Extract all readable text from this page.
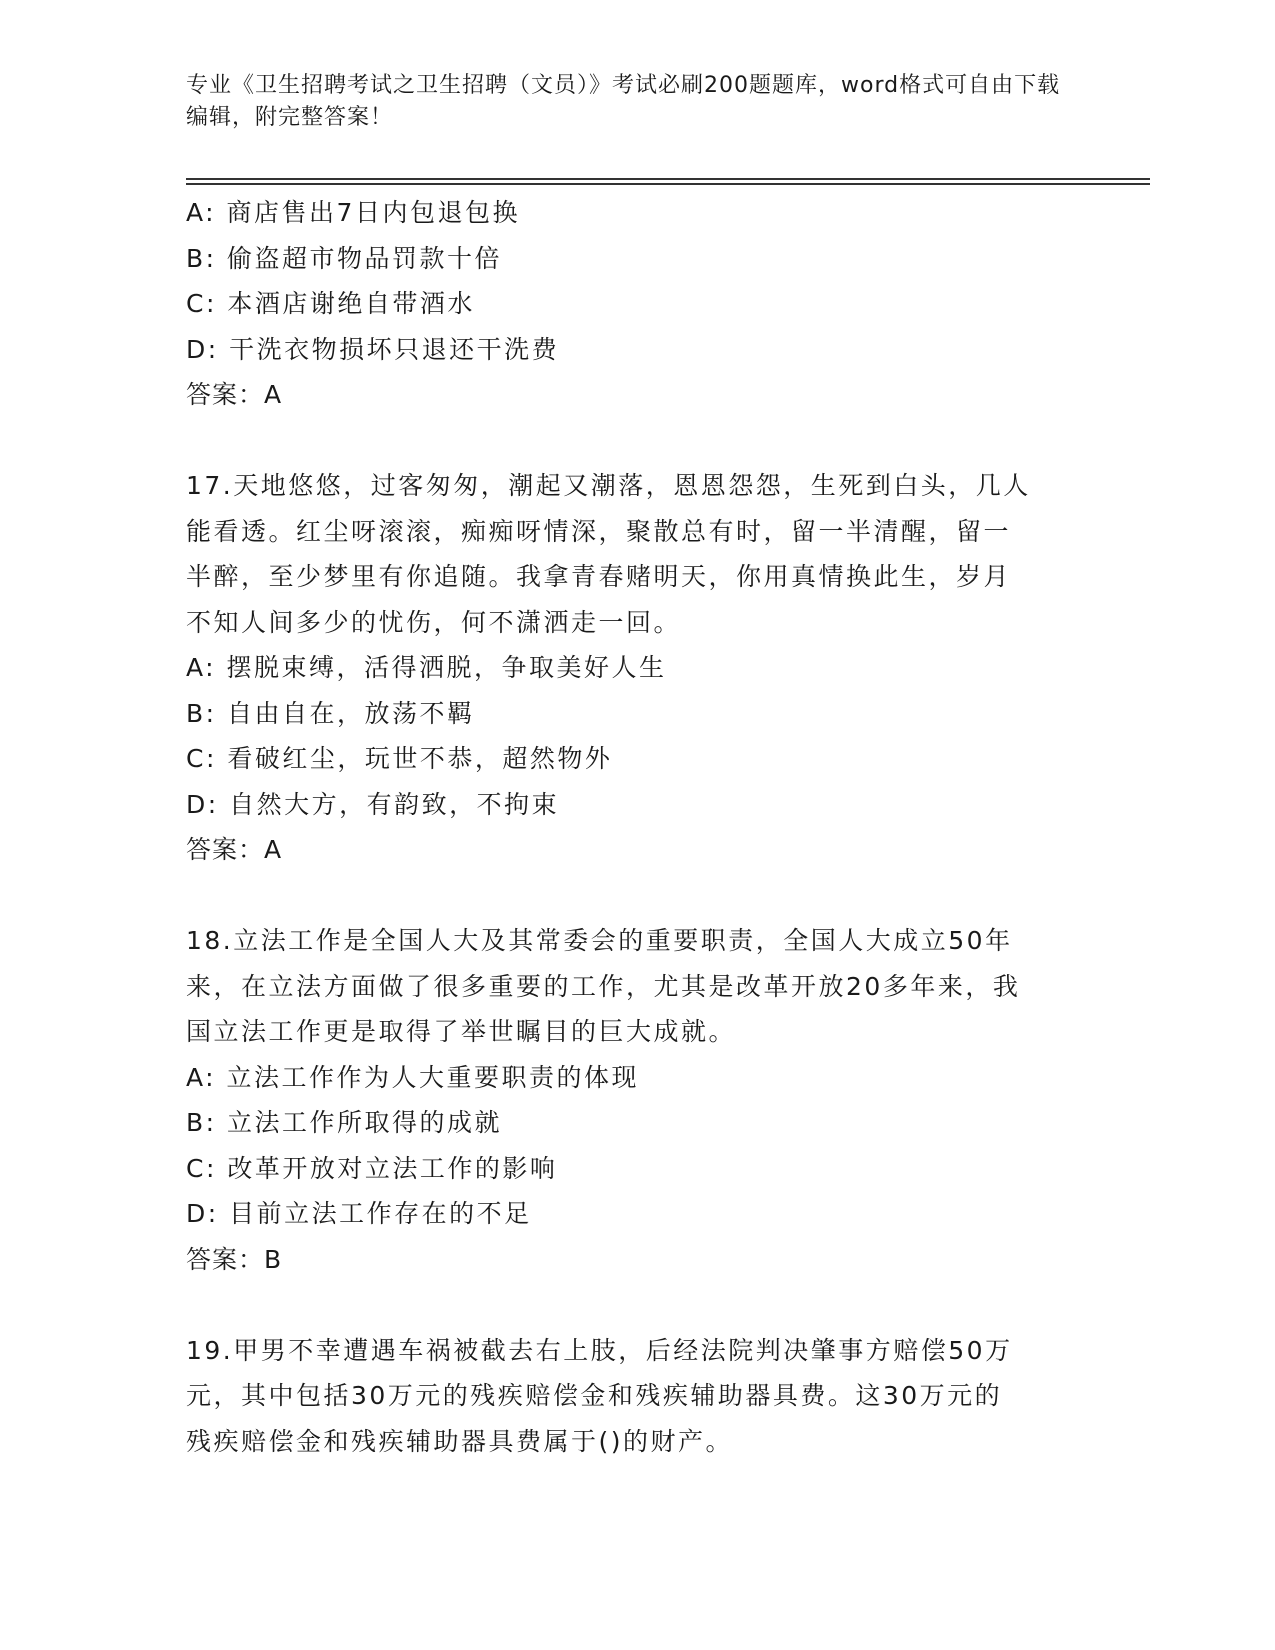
专业《卫生招聘考试之卫生招聘（文员）》考试必刷200题题库，word格式可自由下载编辑，附完整答案！
A: 商店售出7日内包退包换
B: 偷盗超市物品罚款十倍
C: 本酒店谢绝自带酒水
D: 干洗衣物损坏只退还干洗费
答案：A
17.天地悠悠，过客匆匆，潮起又潮落，恩恩怨怨，生死到白头，几人
能看透。红尘呀滚滚，痴痴呀情深，聚散总有时，留一半清醒，留一
半醉，至少梦里有你追随。我拿青春赌明天，你用真情换此生，岁月
不知人间多少的忧伤，何不潇洒走一回。
A: 摆脱束缚，活得洒脱，争取美好人生
B: 自由自在，放荡不羁
C: 看破红尘，玩世不恭，超然物外
D: 自然大方，有韵致，不拘束
答案：A
18.立法工作是全国人大及其常委会的重要职责，全国人大成立50年
来，在立法方面做了很多重要的工作，尤其是改革开放20多年来，我
国立法工作更是取得了举世瞩目的巨大成就。
A: 立法工作作为人大重要职责的体现
B: 立法工作所取得的成就
C: 改革开放对立法工作的影响
D: 目前立法工作存在的不足
答案：B
19.甲男不幸遭遇车祸被截去右上肢，后经法院判决肇事方赔偿50万
元，其中包括30万元的残疾赔偿金和残疾辅助器具费。这30万元的
残疾赔偿金和残疾辅助器具费属于()的财产。
